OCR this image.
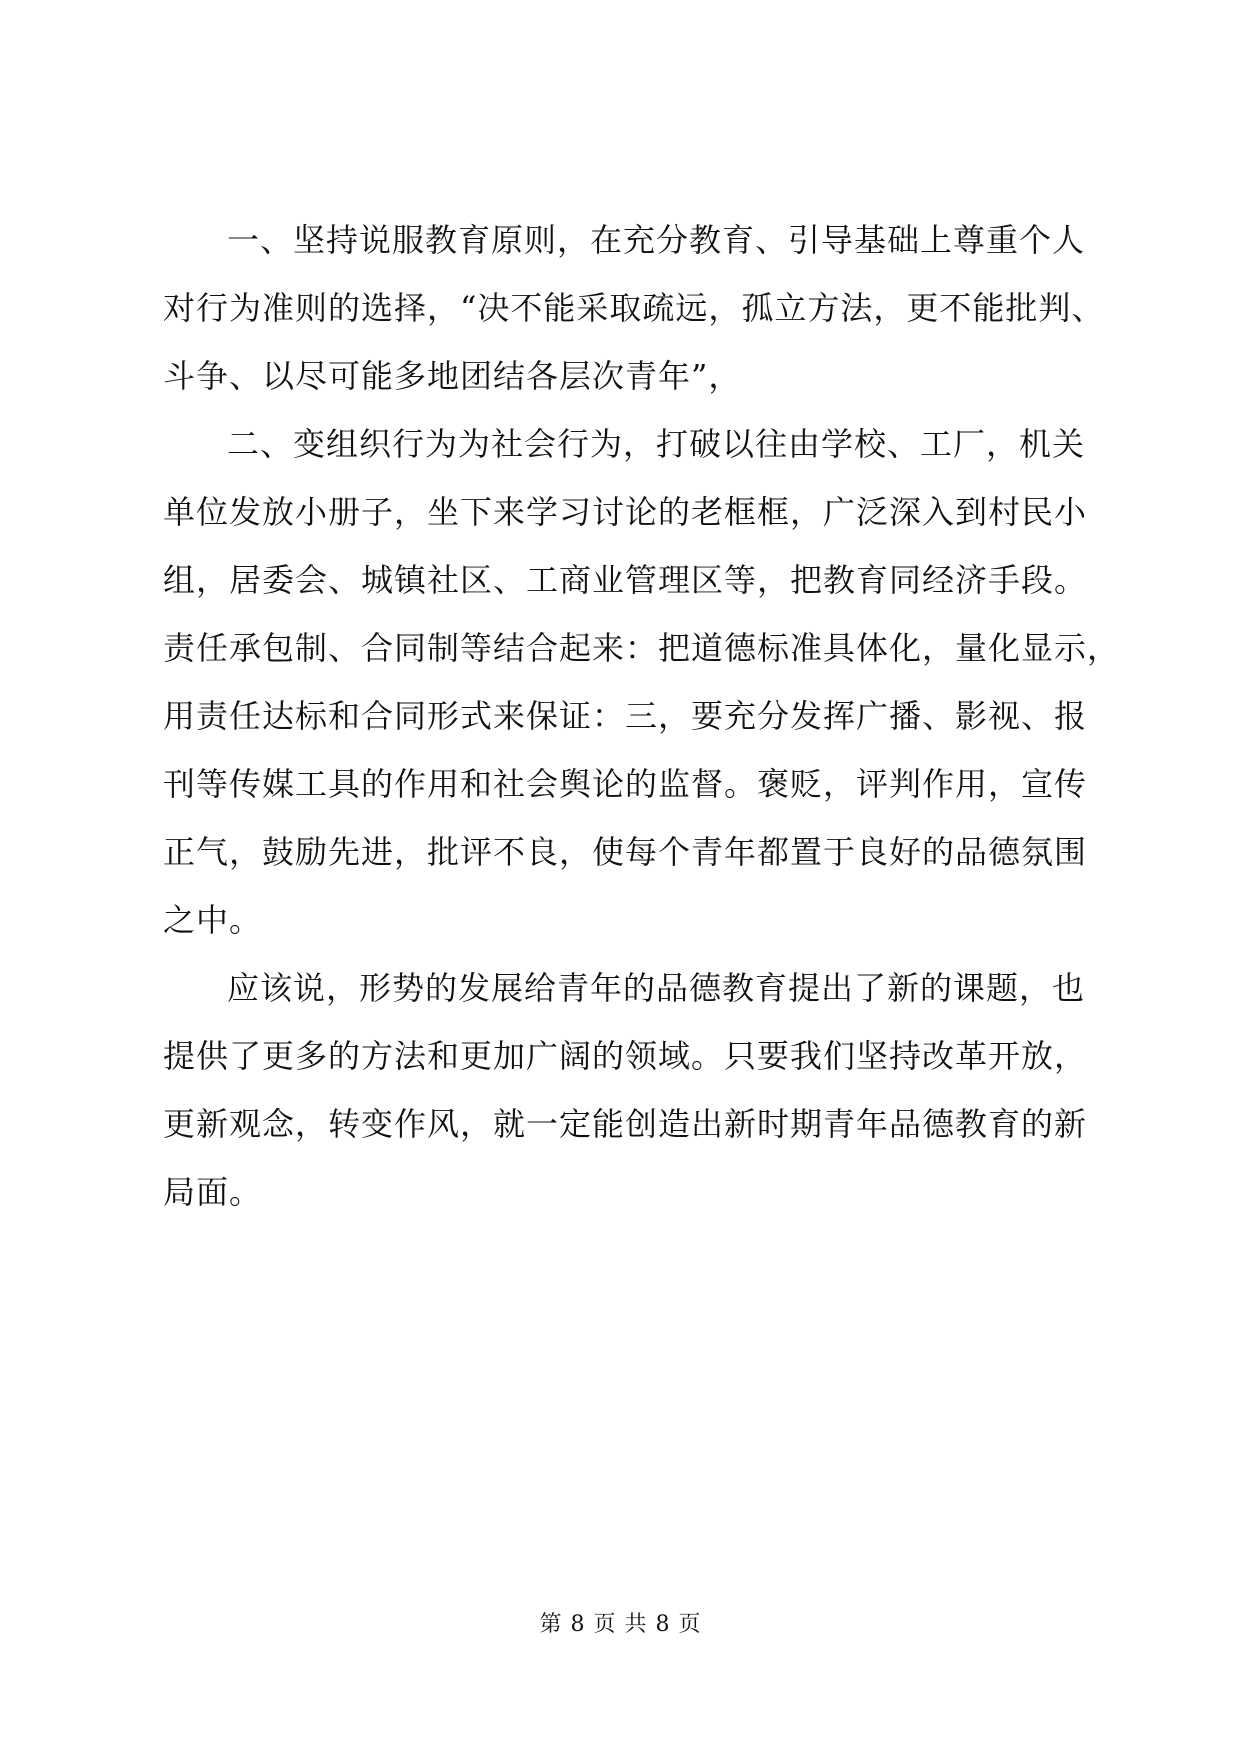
一、坚持说服教育原则，在充分教育、引导基础上尊重个人
对行为准则的选择，“决不能采取疏远，孤立方法，更不能批判、
斗争、以尽可能多地团结各层次青年”，
二、变组织行为为社会行为，打破以往由学校、工厂，机关
单位发放小册子，坐下来学习讨论的老框框，广泛深入到村民小
组，居委会、城镇社区、工商业管理区等，把教育同经济手段。
责任承包制、合同制等结合起来：把道德标准具体化，量化显示，
用责任达标和合同形式来保证：三，要充分发挥广播、影视、报
刊等传媒工具的作用和社会舆论的监督。褒贬，评判作用，宣传
正气，鼓励先进，批评不良，使每个青年都置于良好的品德氛围
之中。
应该说，形势的发展给青年的品德教育提出了新的课题，也
提供了更多的方法和更加广阔的领域。只要我们坚持改革开放，
更新观念，转变作风，就一定能创造出新时期青年品德教育的新
局面。
第 8 页 共 8 页
